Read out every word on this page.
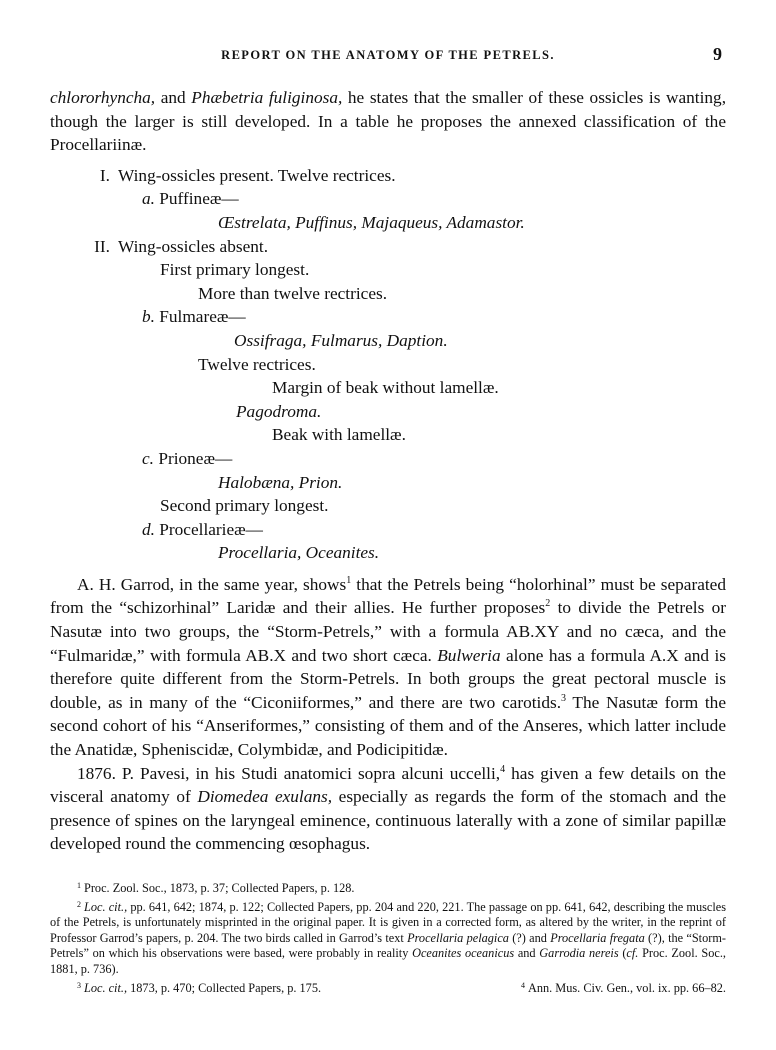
REPORT ON THE ANATOMY OF THE PETRELS.	9

chlororhyncha, and Phæbetria fuliginosa, he states that the smaller of these ossicles is wanting, though the larger is still developed. In a table he proposes the annexed classification of the Procellariinæ.

I. Wing-ossicles present. Twelve rectrices.
a. Puffineæ—
Œstrelata, Puffinus, Majaqueus, Adamastor.
II. Wing-ossicles absent.
First primary longest.
More than twelve rectrices.
b. Fulmareæ—
Ossifraga, Fulmarus, Daption.
Twelve rectrices.
Margin of beak without lamellæ.
Pagodroma.
Beak with lamellæ.
c. Prioneæ—
Halobæna, Prion.
Second primary longest.
d. Procellarieæ—
Procellaria, Oceanites.

A. H. Garrod, in the same year, shows$^1$ that the Petrels being “holorhinal” must be separated from the “schizorhinal” Laridæ and their allies. He further proposes$^2$ to divide the Petrels or Nasutæ into two groups, the “Storm-Petrels,” with a formula AB.XY and no cæca, and the “Fulmaridæ,” with formula AB.X and two short cæca. Bulweria alone has a formula A.X and is therefore quite different from the Storm-Petrels. In both groups the great pectoral muscle is double, as in many of the “Ciconiiformes,” and there are two carotids.$^3$ The Nasutæ form the second cohort of his “Anseriformes,” consisting of them and of the Anseres, which latter include the Anatidæ, Spheniscidæ, Colymbidæ, and Podicipitidæ.

1876. P. Pavesi, in his Studi anatomici sopra alcuni uccelli,$^4$ has given a few details on the visceral anatomy of Diomedea exulans, especially as regards the form of the stomach and the presence of spines on the laryngeal eminence, continuous laterally with a zone of similar papillæ developed round the commencing œsophagus.

$^1$ Proc. Zool. Soc., 1873, p. 37; Collected Papers, p. 128.

$^2$ Loc. cit., pp. 641, 642; 1874, p. 122; Collected Papers, pp. 204 and 220, 221. The passage on pp. 641, 642, describing the muscles of the Petrels, is unfortunately misprinted in the original paper. It is given in a corrected form, as altered by the writer, in the reprint of Professor Garrod’s papers, p. 204. The two birds called in Garrod’s text Procellaria pelagica (?) and Procellaria fregata (?), the “Storm-Petrels” on which his observations were based, were probably in reality Oceanites oceanicus and Garrodia nereis (cf. Proc. Zool. Soc., 1881, p. 736).

$^3$ Loc. cit., 1873, p. 470; Collected Papers, p. 175.	$^4$ Ann. Mus. Civ. Gen., vol. ix. pp. 66–82.
